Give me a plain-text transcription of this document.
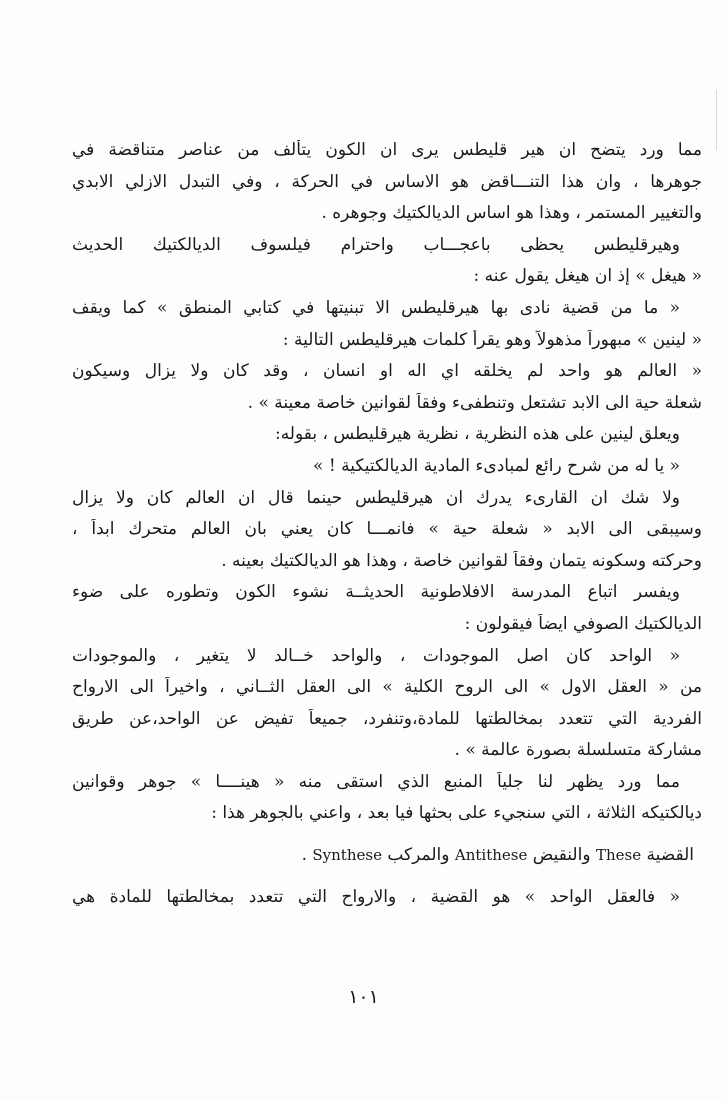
مما ورد يتضح ان هير قليطس يرى ان الكون يتألف من عناصر متناقضة في
جوهرها ، وان هذا التنـــاقض هو الاساس في الحركة ، وفي التبدل الازلي الابدي
والتغيير المستمر ، وهذا هو اساس الديالكتيك وجوهره .
وهيرقليطس يحظى باعجـــاب واحترام فيلسوف الديالكتيك الحديث
« هيغل » إذ ان هيغل يقول عنه :
« ما من قضية نادى بها هيرقليطس الا تبنيتها في كتابي المنطق » كما ويقف
« لينين » مبهوراً مذهولاً وهو يقرأ كلمات هيرقليطس التالية :
« العالم هو واحد لم يخلقه اي اله او انسان ، وقد كان ولا يزال وسيكون
شعلة حية الى الابد تشتعل وتنطفىء وفقاً لقوانين خاصة معينة » .
ويعلق لينين على هذه النظرية ، نظرية هيرقليطس ، بقوله:
« يا له من شرح رائع لمبادىء المادية الديالكتيكية ! »
ولا شك ان القارىء يدرك ان هيرقليطس حينما قال ان العالم كان ولا يزال
وسيبقى الى الابد « شعلة حية » فانمـــا كان يعني بان العالم متحرك ابداً ،
وحركته وسكونه يتمان وفقاً لقوانين خاصة ، وهذا هو الديالكتيك بعينه .
ويفسر اتباع المدرسة الافلاطونية الحديثــة نشوء الكون وتطوره على ضوء
الديالكتيك الصوفي ايضاً فيقولون :
« الواحد كان اصل الموجودات ، والواحد خــالد لا يتغير ، والموجودات
من « العقل الاول » الى الروح الكلية » الى العقل الثــاني ، واخيراً الى الارواح
الفردية التي تتعدد بمخالطتها للمادة،وتنفرد، جميعاً تفيض عن الواحد،عن طريق
مشاركة متسلسلة بصورة عالمة » .
مما ورد يظهر لنا جلياً المنبع الذي استقى منه « هينــــا » جوهر وقوانين
ديالكتيكه الثلاثة ، التي سنجيء على بحثها فيا بعد ، واعني بالجوهر هذا :
القضية These والنقيض Antithese والمركب Synthese .
« فالعقل الواحد » هو القضية ، والارواح التي تتعدد بمخالطتها للمادة هي
١٠١
